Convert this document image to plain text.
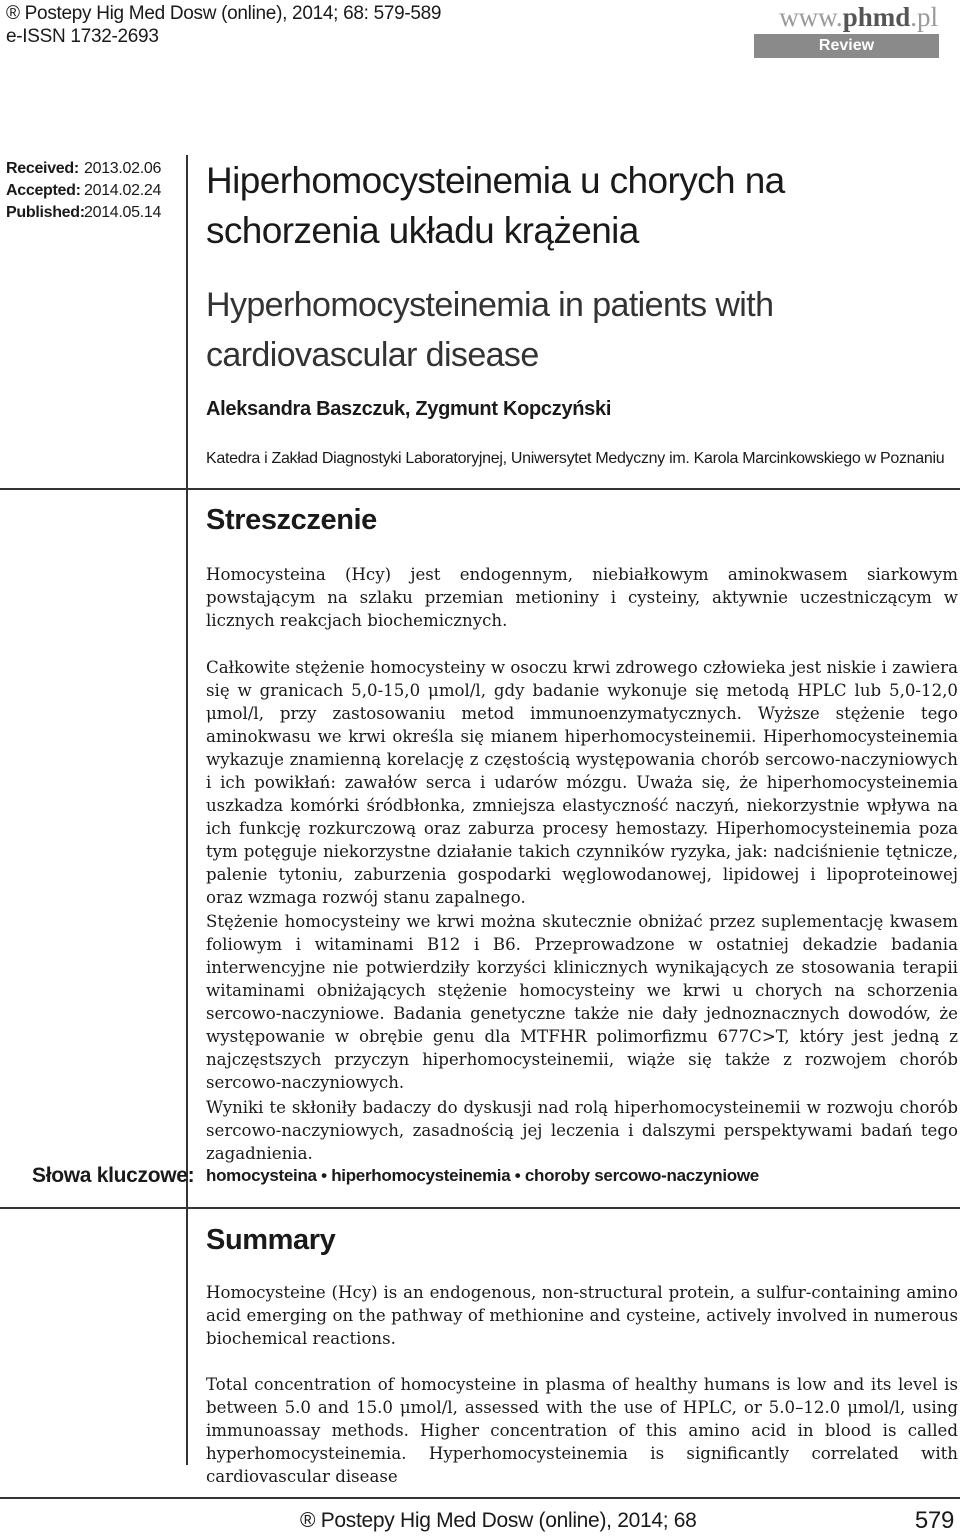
® Postepy Hig Med Dosw (online), 2014; 68: 579-589
e-ISSN 1732-2693
www.phmd.pl
Review
Received: 2013.02.06
Accepted: 2014.02.24
Published:2014.05.14
Hiperhomocysteinemia u chorych na schorzenia układu krążenia
Hyperhomocysteinemia in patients with cardiovascular disease
Aleksandra Baszczuk, Zygmunt Kopczyński
Katedra i Zakład Diagnostyki Laboratoryjnej, Uniwersytet Medyczny im. Karola Marcinkowskiego w Poznaniu
Streszczenie
Homocysteina (Hcy) jest endogennym, niebiałkowym aminokwasem siarkowym powstającym na szlaku przemian metioniny i cysteiny, aktywnie uczestniczącym w licznych reakcjach biochemicznych.
Całkowite stężenie homocysteiny w osoczu krwi zdrowego człowieka jest niskie i zawiera się w granicach 5,0-15,0 μmol/l, gdy badanie wykonuje się metodą HPLC lub 5,0-12,0 μmol/l, przy zastosowaniu metod immunoenzymatycznych. Wyższe stężenie tego aminokwasu we krwi określa się mianem hiperhomocysteinemii. Hiperhomocysteinemia wykazuje znamienną korelację z częstością występowania chorób sercowo-naczyniowych i ich powikłań: zawałów serca i udarów mózgu. Uważa się, że hiperhomocysteinemia uszkadza komórki śródbłonka, zmniejsza elastyczność naczyń, niekorzystnie wpływa na ich funkcję rozkurczową oraz zaburza procesy hemostazy. Hiperhomocysteinemia poza tym potęguje niekorzystne działanie takich czynników ryzyka, jak: nadciśnienie tętnicze, palenie tytoniu, zaburzenia gospodarki węglowodanowej, lipidowej i lipoproteinowej oraz wzmaga rozwój stanu zapalnego.
Stężenie homocysteiny we krwi można skutecznie obniżać przez suplementację kwasem foliowym i witaminami B12 i B6. Przeprowadzone w ostatniej dekadzie badania interwencyjne nie potwierdziły korzyści klinicznych wynikających ze stosowania terapii witaminami obniżających stężenie homocysteiny we krwi u chorych na schorzenia sercowo-naczyniowe. Badania genetyczne także nie dały jednoznacznych dowodów, że występowanie w obrębie genu dla MTFHR polimorfizmu 677C>T, który jest jedną z najczęstszych przyczyn hiperhomocysteinemii, wiąże się także z rozwojem chorób sercowo-naczyniowych.
Wyniki te skłoniły badaczy do dyskusji nad rolą hiperhomocysteinemii w rozwoju chorób sercowo-naczyniowych, zasadnością jej leczenia i dalszymi perspektywami badań tego zagadnienia.
Słowa kluczowe: homocysteina • hiperhomocysteinemia • choroby sercowo-naczyniowe
Summary
Homocysteine (Hcy) is an endogenous, non-structural protein, a sulfur-containing amino acid emerging on the pathway of methionine and cysteine, actively involved in numerous biochemical reactions.
Total concentration of homocysteine in plasma of healthy humans is low and its level is between 5.0 and 15.0 μmol/l, assessed with the use of HPLC, or 5.0–12.0 μmol/l, using immunoassay methods. Higher concentration of this amino acid in blood is called hyperhomocysteinemia. Hyperhomocysteinemia is significantly correlated with cardiovascular disease
® Postepy Hig Med Dosw (online), 2014; 68	579
